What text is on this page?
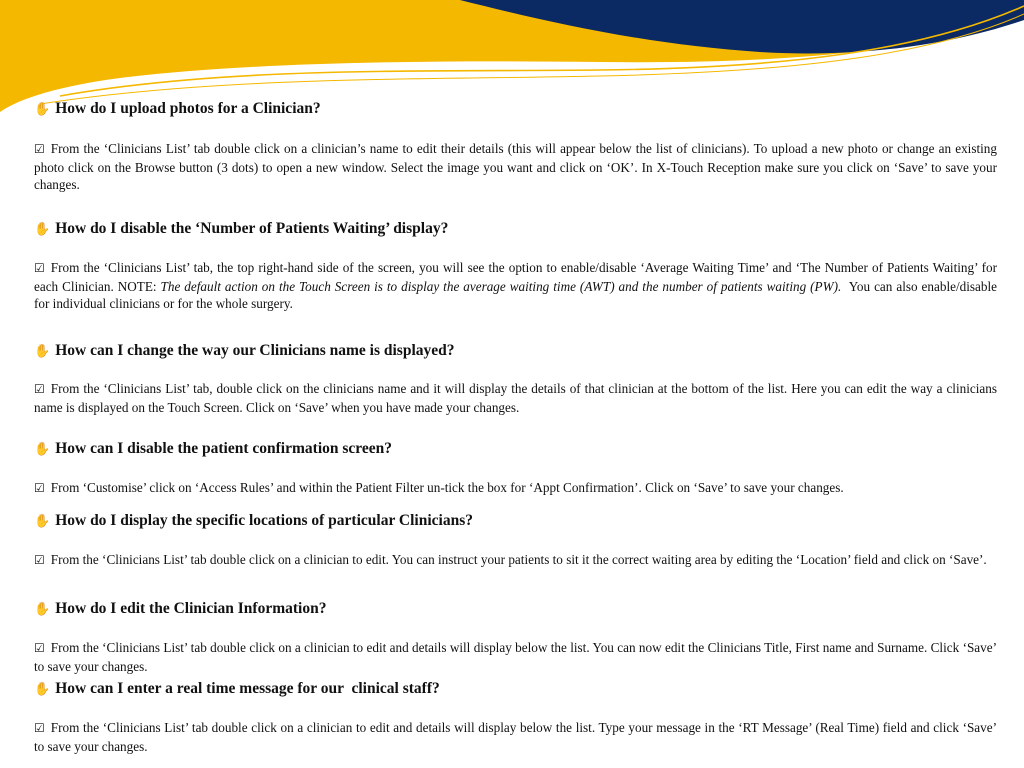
✋ How do I upload photos for a Clinician?

☑ From the ‘Clinicians List’ tab double click on a clinician’s name to edit their details (this will appear below the list of clinicians). To upload a new photo or change an existing photo click on the Browse button (3 dots) to open a new window. Select the image you want and click on ‘OK’. In X-Touch Reception make sure you click on ‘Save’ to save your changes.

✋ How do I disable the ‘Number of Patients Waiting’ display?

☑ From the ‘Clinicians List’ tab, the top right-hand side of the screen, you will see the option to enable/disable ‘Average Waiting Time’ and ‘The Number of Patients Waiting’ for each Clinician. NOTE: The default action on the Touch Screen is to display the average waiting time (AWT) and the number of patients waiting (PW).  You can also enable/disable  for individual clinicians or for the whole surgery.

✋ How can I change the way our Clinicians name is displayed?

☑ From the ‘Clinicians List’ tab, double click on the clinicians name and it will display the details of that clinician at the bottom of the list. Here you can edit the way a clinicians name is displayed on the Touch Screen. Click on ‘Save’ when you have made your changes.

✋ How can I disable the patient confirmation screen?

☑ From ‘Customise’ click on ‘Access Rules’ and within the Patient Filter un-tick the box for ‘Appt Confirmation’. Click on ‘Save’ to save your changes.

✋ How do I display the specific locations of particular Clinicians?

☑ From the ‘Clinicians List’ tab double click on a clinician to edit. You can instruct your patients to sit it the correct waiting area by editing the ‘Location’ field and click on ‘Save’.

✋ How do I edit the Clinician Information?

☑ From the ‘Clinicians List’ tab double click on a clinician to edit and details will display below the list. You can now edit the Clinicians Title, First name and Surname. Click ‘Save’ to save your changes.

✋ How can I enter a real time message for our  clinical staff?

☑ From the ‘Clinicians List’ tab double click on a clinician to edit and details will display below the list. Type your message in the ‘RT Message’ (Real Time) field and click ‘Save’ to save your changes.
